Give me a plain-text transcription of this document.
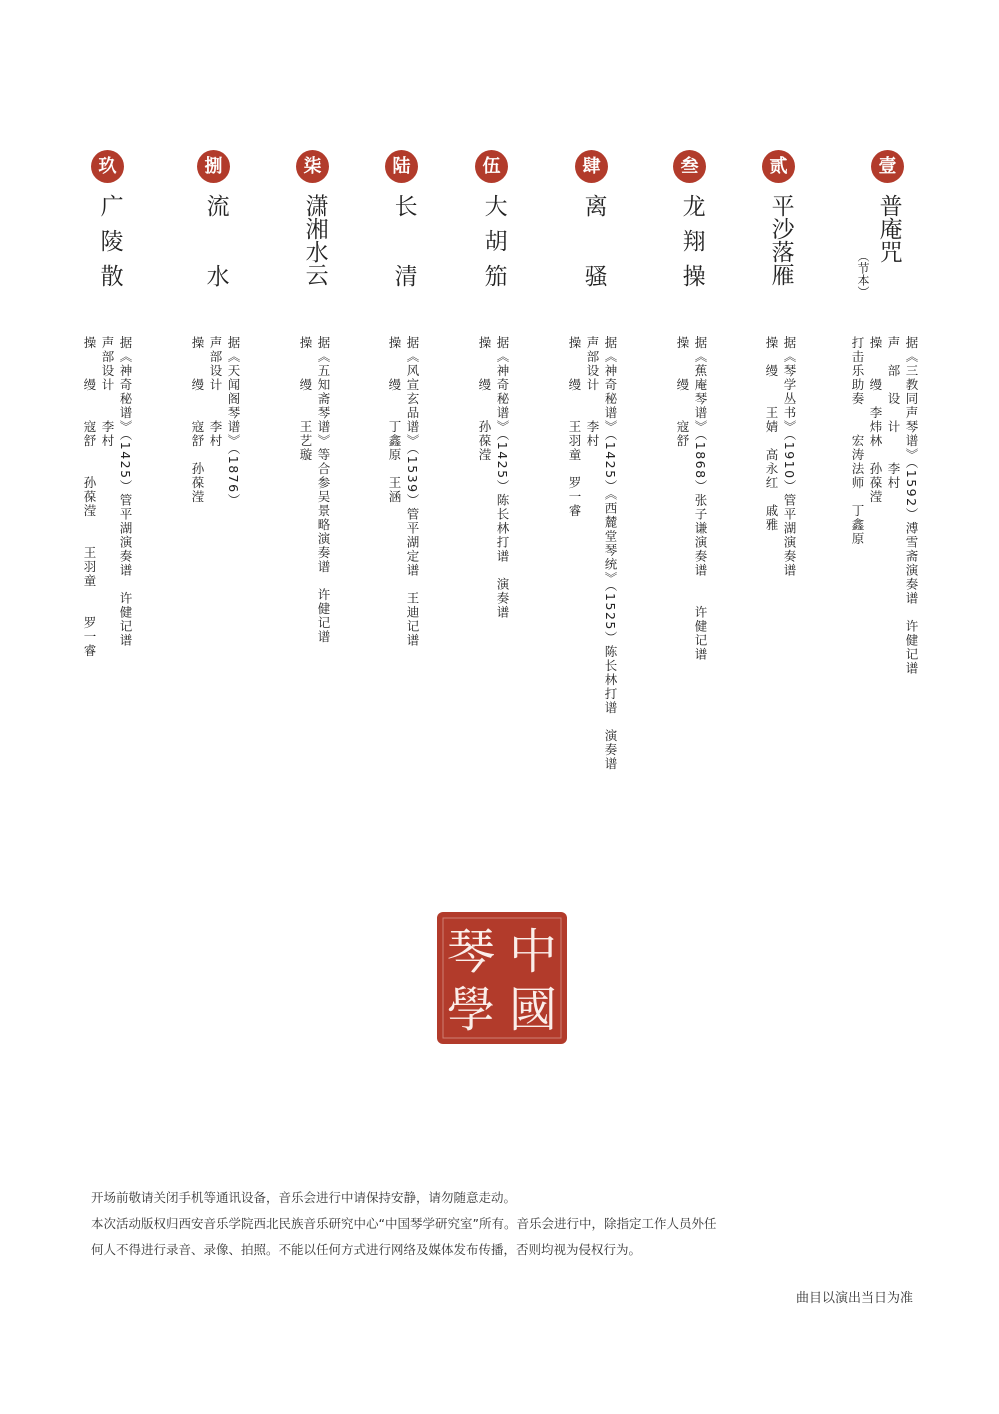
壹
普庵咒
（节本）
据《三教同声琴谱》（1592）溥雪斋演奏谱　许健记谱
声　部　设　计　　李村
操　　缦　李炜林　孙葆滢
打击乐助奏　　宏涛法师　丁鑫原
贰
平沙落雁
据《琴学丛书》（1910）管平湖演奏谱
操　缦　　王婧　高永红　戚雅
叁
龙翔操
据《蕉庵琴谱》（1868）张子谦演奏谱　　许健记谱
操　　缦　　寇舒
肆
离　骚
据《神奇秘谱》（1425）《西麓堂琴统》（1525）陈长林打谱　演奏谱
声部设计　　李村
操　　缦　　王羽童　罗一睿
伍
大胡笳
据《神奇秘谱》（1425）陈长林打谱　演奏谱
操　　缦　　孙葆滢
陆
长　清
据《风宣玄品谱》（1539）管平湖定谱　王迪记谱
操　　缦　　丁鑫原　王涵
柒
潇湘水云
据《五知斋琴谱》等合参吴景略演奏谱　许健记谱
操　　缦　　王艺璇
捌
流　水
据《天闻阁琴谱》（1876）
声部设计　　李村
操　　缦　　寇舒　孙葆滢
玖
广陵散
据《神奇秘谱》（1425）管平湖演奏谱　许健记谱
声部设计　　李村
操　　缦　　寇舒　　孙葆滢　　王羽童　　罗一睿
中
國
琴
學

开场前敬请关闭手机等通讯设备，音乐会进行中请保持安静，请勿随意走动。

本次活动版权归西安音乐学院西北民族音乐研究中心“中国琴学研究室”所有。音乐会进行中，除指定工作人员外任

何人不得进行录音、录像、拍照。不能以任何方式进行网络及媒体发布传播，否则均视为侵权行为。

曲目以演出当日为准
